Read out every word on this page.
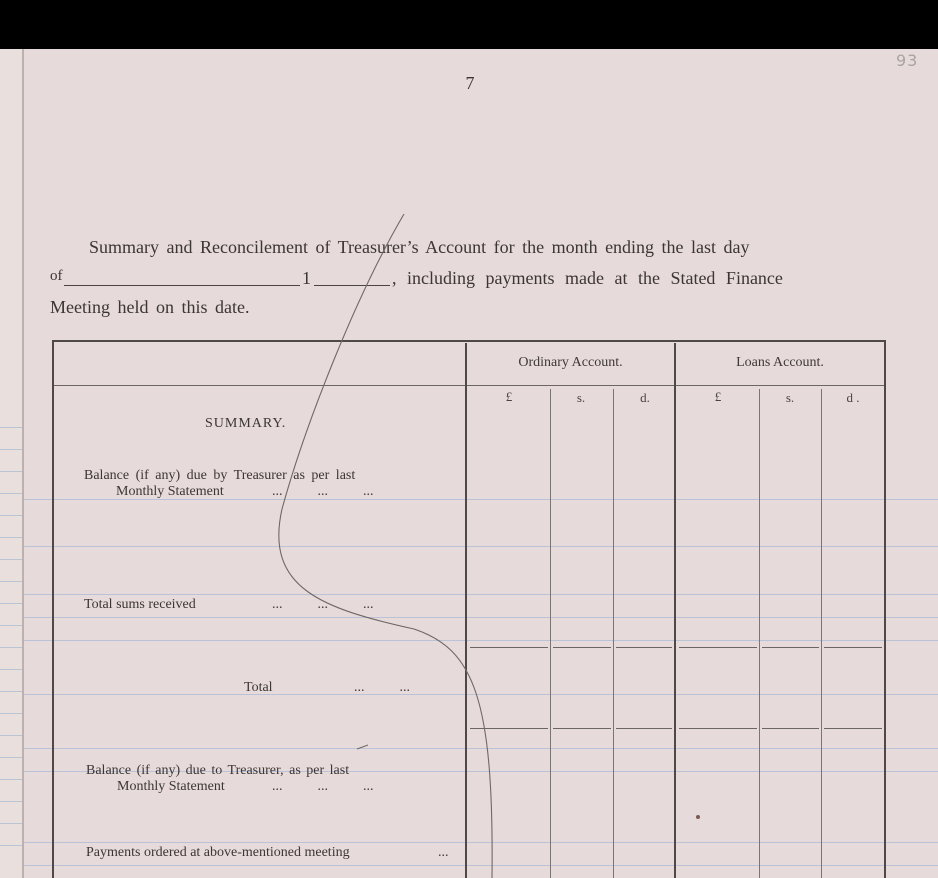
7
93
Summary and Reconcilement of Treasurer’s Account for the month ending the last day
of	1	, including payments made at the Stated Finance
Meeting held on this date.
Ordinary Account.	Loans Account.
£	s.	d.	£	s.	d .
SUMMARY.
Balance (if any) due by Treasurer as per last
Monthly Statement	...          ...          ...
Total sums received	...          ...          ...
Total	...          ...
Balance (if any) due to Treasurer, as per last
Monthly Statement	...          ...          ...
Payments ordered at above-mentioned meeting	...
